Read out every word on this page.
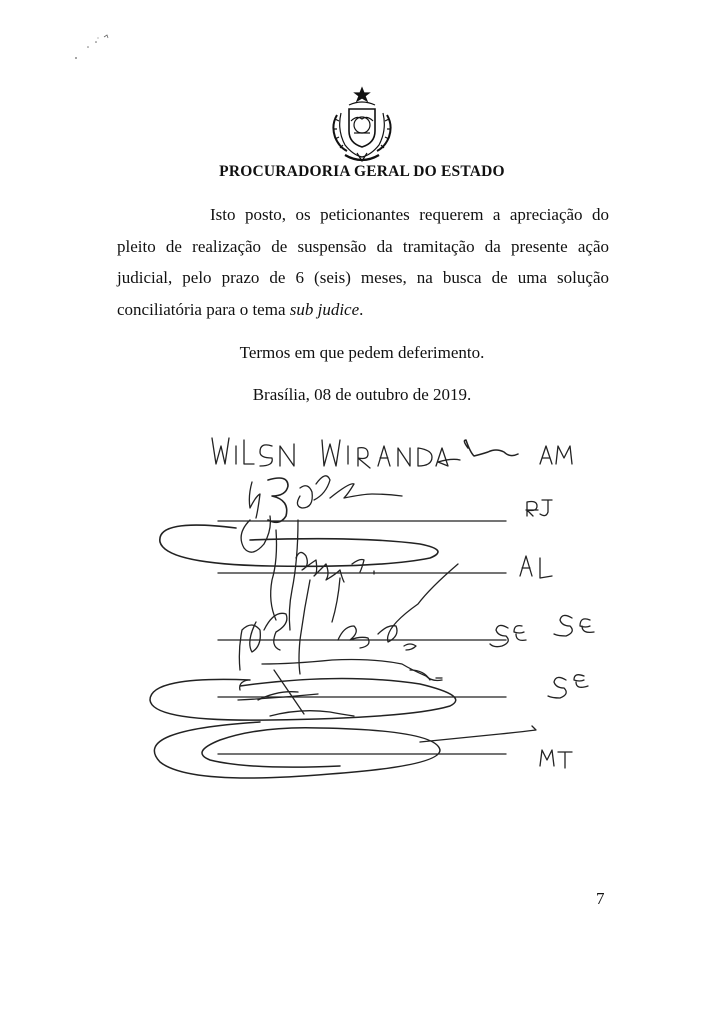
PROCURADORIA GERAL DO ESTADO

Isto posto, os peticionantes requerem a apreciação do pleito de realização de suspensão da tramitação da presente ação judicial, pelo prazo de 6 (seis) meses, na busca de uma solução conciliatória para o tema sub judice.

Termos em que pedem deferimento.
Brasília, 08 de outubro de 2019.
7
